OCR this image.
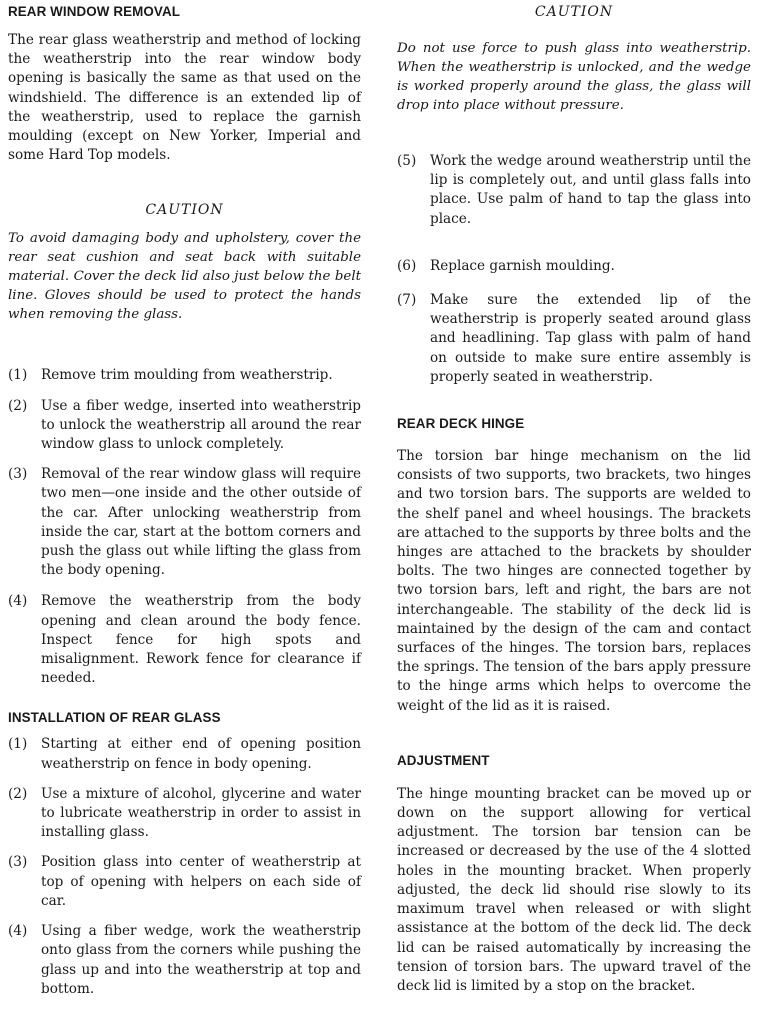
REAR WINDOW REMOVAL

The rear glass weatherstrip and method of locking the weatherstrip into the rear window body opening is basically the same as that used on the windshield. The difference is an extended lip of the weatherstrip, used to replace the garnish moulding (except on New Yorker, Imperial and some Hard Top models.

CAUTION

To avoid damaging body and upholstery, cover the rear seat cushion and seat back with suitable material. Cover the deck lid also just below the belt line. Gloves should be used to protect the hands when removing the glass.

(1)	Remove trim moulding from weatherstrip.
(2)	Use a fiber wedge, inserted into weatherstrip to unlock the weatherstrip all around the rear window glass to unlock completely.
(3)	Removal of the rear window glass will require two men—one inside and the other outside of the car. After unlocking weatherstrip from inside the car, start at the bottom corners and push the glass out while lifting the glass from the body opening.
(4)	Remove the weatherstrip from the body opening and clean around the body fence. Inspect fence for high spots and misalignment. Rework fence for clearance if needed.
INSTALLATION OF REAR GLASS
(1)	Starting at either end of opening position weatherstrip on fence in body opening.
(2)	Use a mixture of alcohol, glycerine and water to lubricate weatherstrip in order to assist in installing glass.
(3)	Position glass into center of weatherstrip at top of opening with helpers on each side of car.
(4)	Using a fiber wedge, work the weatherstrip onto glass from the corners while pushing the glass up and into the weatherstrip at top and bottom.

CAUTION

Do not use force to push glass into weatherstrip. When the weatherstrip is unlocked, and the wedge is worked properly around the glass, the glass will drop into place without pressure.

(5)	Work the wedge around weatherstrip until the lip is completely out, and until glass falls into place. Use palm of hand to tap the glass into place.
(6)	Replace garnish moulding.
(7)	Make sure the extended lip of the weatherstrip is properly seated around glass and headlining. Tap glass with palm of hand on outside to make sure entire assembly is properly seated in weatherstrip.
REAR DECK HINGE

The torsion bar hinge mechanism on the lid consists of two supports, two brackets, two hinges and two torsion bars. The supports are welded to the shelf panel and wheel housings. The brackets are attached to the supports by three bolts and the hinges are attached to the brackets by shoulder bolts. The two hinges are connected together by two torsion bars, left and right, the bars are not interchangeable. The stability of the deck lid is maintained by the design of the cam and contact surfaces of the hinges. The torsion bars, replaces the springs. The tension of the bars apply pressure to the hinge arms which helps to overcome the weight of the lid as it is raised.

ADJUSTMENT

The hinge mounting bracket can be moved up or down on the support allowing for vertical adjustment. The torsion bar tension can be increased or decreased by the use of the 4 slotted holes in the mounting bracket. When properly adjusted, the deck lid should rise slowly to its maximum travel when released or with slight assistance at the bottom of the deck lid. The deck lid can be raised automatically by increasing the tension of torsion bars. The upward travel of the deck lid is limited by a stop on the bracket.
